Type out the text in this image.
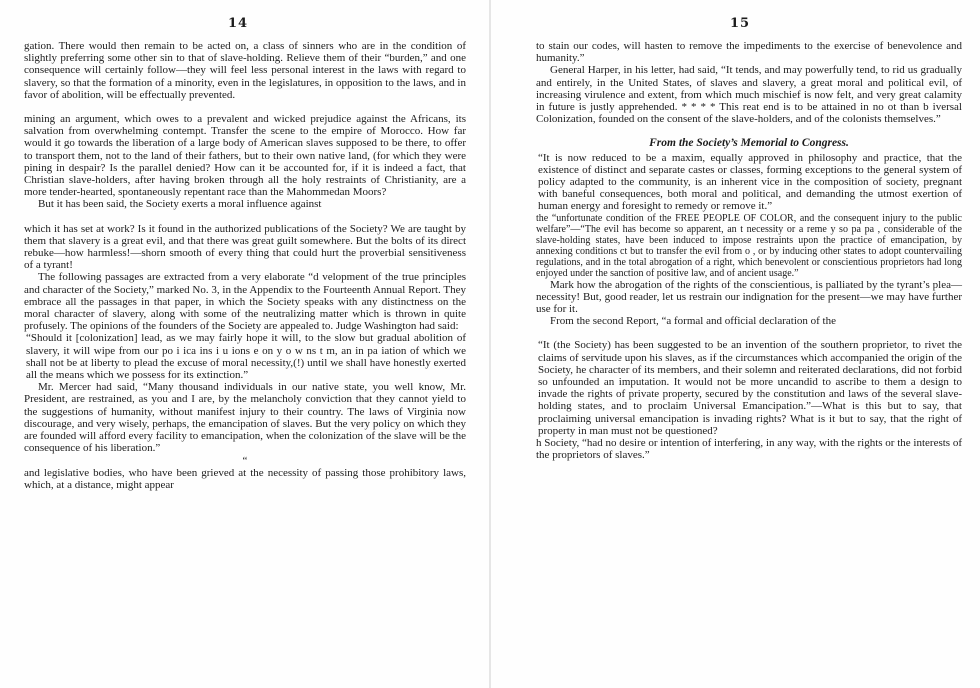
14

gation. There would then remain to be acted on, a class of sinners who are in the condition of slightly preferring some other sin to that of slave-holding. Relieve them of their “burden,” and one consequence will certainly follow—they will feel less personal interest in the laws with regard to slavery, so that the formation of a minority, even in the legislatures, in opposition to the laws, and in favor of abolition, will be effectually prevented.

mining an argument, which owes to a prevalent and wicked prejudice against the Africans, its salvation from overwhelming contempt. Transfer the scene to the empire of Morocco. How far would it go towards the liberation of a large body of American slaves supposed to be there, to offer to transport them, not to the land of their fathers, but to their own native land, (for which they were pining in despair? Is the parallel denied? How can it be accounted for, if it is indeed a fact, that Christian slave-holders, after having broken through all the holy restraints of Christianity, are a more tender-hearted, spontaneously repentant race than the Mahommedan Moors?

But it has been said, the Society exerts a moral influence against

which it has set at work? Is it found in the authorized publications of the Society? We are taught by them that slavery is a great evil, and that there was great guilt somewhere. But the bolts of its direct rebuke—how harmless!—shorn smooth of every thing that could hurt the proverbial sensitiveness of a tyrant!

The following passages are extracted from a very elaborate “d velopment of the true principles and character of the Society,” marked No. 3, in the Appendix to the Fourteenth Annual Report. They embrace all the passages in that paper, in which the Society speaks with any distinctness on the moral character of slavery, along with some of the neutralizing matter which is thrown in quite profusely. The opinions of the founders of the Society are appealed to. Judge Washington had said:

“Should it [colonization] lead, as we may fairly hope it will, to the slow but gradual abolition of slavery, it will wipe from our po i ica ins i u ions e on y o w ns t m, an in pa iation of which we shall not be at liberty to plead the excuse of moral necessity,(!) until we shall have honestly exerted all the means which we possess for its extinction.”

Mr. Mercer had said, “Many thousand individuals in our native state, you well know, Mr. President, are restrained, as you and I are, by the melancholy conviction that they cannot yield to the suggestions of humanity, without manifest injury to their country. The laws of Virginia now discourage, and very wisely, perhaps, the emancipation of slaves. But the very policy on which they are founded will afford every facility to emancipation, when the colonization of the slave will be the consequence of his liberation.”

“

and legislative bodies, who have been grieved at the necessity of passing those prohibitory laws, which, at a distance, might appear

15

to stain our codes, will hasten to remove the impediments to the exercise of benevolence and humanity.”

General Harper, in his letter, had said, “It tends, and may powerfully tend, to rid us gradually and entirely, in the United States, of slaves and slavery, a great moral and political evil, of increasing virulence and extent, from which much mischief is now felt, and very great calamity in future is justly apprehended. * * * * This reat end is to be attained in no ot than b iversal Colonization, founded on the consent of the slave-holders, and of the colonists themselves.”

From the Society’s Memorial to Congress.

“It is now reduced to be a maxim, equally approved in philosophy and practice, that the existence of distinct and separate castes or classes, forming exceptions to the general system of policy adapted to the community, is an inherent vice in the composition of society, pregnant with baneful consequences, both moral and political, and demanding the utmost exertion of human energy and foresight to remedy or remove it.”

the “unfortunate condition of the FREE PEOPLE OF COLOR, and the consequent injury to the public welfare”—“The evil has become so apparent, an t necessity or a reme y so pa pa , considerable of the slave-holding states, have been induced to impose restraints upon the practice of emancipation, by annexing conditions ct but to transfer the evil from o , or by inducing other states to adopt countervailing regulations, and in the total abrogation of a right, which benevolent or conscientious proprietors had long enjoyed under the sanction of positive law, and of ancient usage.”

Mark how the abrogation of the rights of the conscientious, is palliated by the tyrant’s plea—necessity! But, good reader, let us restrain our indignation for the present—we may have further use for it.

From the second Report, “a formal and official declaration of the

“It (the Society) has been suggested to be an invention of the southern proprietor, to rivet the claims of servitude upon his slaves, as if the circumstances which accompanied the origin of the Society, he character of its members, and their solemn and reiterated declarations, did not forbid so unfounded an imputation. It would not be more uncandid to ascribe to them a design to invade the rights of private property, secured by the constitution and laws of the several slave-holding states, and to proclaim Universal Emancipation.”—What is this but to say, that proclaiming universal emancipation is invading rights? What is it but to say, that the right of property in man must not be questioned?

h Society, “had no desire or intention of interfering, in any way, with the rights or the interests of the proprietors of slaves.”
